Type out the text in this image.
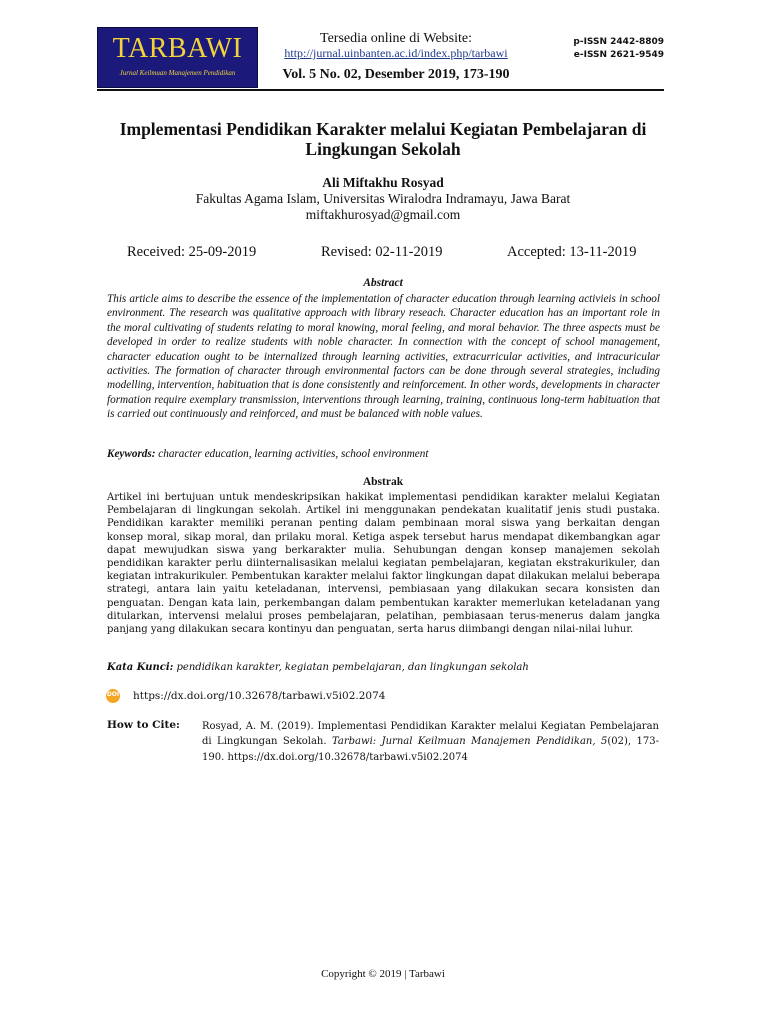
TARBAWI
Jurnal Keilmuan Manajemen Pendidikan
Tersedia online di Website:
http://jurnal.uinbanten.ac.id/index.php/tarbawi
Vol. 5 No. 02, Desember 2019, 173-190
p-ISSN 2442-8809
e-ISSN 2621-9549
Implementasi Pendidikan Karakter melalui Kegiatan Pembelajaran di Lingkungan Sekolah
Ali Miftakhu Rosyad
Fakultas Agama Islam, Universitas Wiralodra Indramayu, Jawa Barat
miftakhurosyad@gmail.com
Received: 25-09-2019	Revised: 02-11-2019	Accepted: 13-11-2019
Abstract

This article aims to describe the essence of the implementation of character education through learning activieis in school environment. The research was qualitative approach with library reseach. Character education has an important role in the moral cultivating of students relating to moral knowing, moral feeling, and moral behavior. The three aspects must be developed in order to realize students with noble character. In connection with the concept of school management, character education ought to be internalized through learning activities, extracurricular activities, and intracuricular activities. The formation of character through environmental factors can be done through several strategies, including modelling, intervention, habituation that is done consistently and reinforcement. In other words, developments in character formation require exemplary transmission, interventions through learning, training, continuous long-term habituation that is carried out continuously and reinforced, and must be balanced with noble values.

Keywords: character education, learning activities, school environment
Abstrak

Artikel ini bertujuan untuk mendeskripsikan hakikat implementasi pendidikan karakter melalui Kegiatan Pembelajaran di lingkungan sekolah. Artikel ini menggunakan pendekatan kualitatif jenis studi pustaka. Pendidikan karakter memiliki peranan penting dalam pembinaan moral siswa yang berkaitan dengan konsep moral, sikap moral, dan prilaku moral. Ketiga aspek tersebut harus mendapat dikembangkan agar dapat mewujudkan siswa yang berkarakter mulia. Sehubungan dengan konsep manajemen sekolah pendidikan karakter perlu diinternalisasikan melalui kegiatan pembelajaran, kegiatan ekstrakurikuler, dan kegiatan intrakurikuler. Pembentukan karakter melalui faktor lingkungan dapat dilakukan melalui beberapa strategi, antara lain yaitu keteladanan, intervensi, pembiasaan yang dilakukan secara konsisten dan penguatan. Dengan kata lain, perkembangan dalam pembentukan karakter memerlukan keteladanan yang ditularkan, intervensi melalui proses pembelajaran, pelatihan, pembiasaan terus-menerus dalam jangka panjang yang dilakukan secara kontinyu dan penguatan, serta harus diimbangi dengan nilai-nilai luhur.

Kata Kunci: pendidikan karakter, kegiatan pembelajaran, dan lingkungan sekolah
DOI https://dx.doi.org/10.32678/tarbawi.v5i02.2074
How to Cite: Rosyad, A. M. (2019). Implementasi Pendidikan Karakter melalui Kegiatan Pembelajaran di Lingkungan Sekolah. Tarbawi: Jurnal Keilmuan Manajemen Pendidikan, 5(02), 173-190. https://dx.doi.org/10.32678/tarbawi.v5i02.2074

Copyright © 2019 | Tarbawi
